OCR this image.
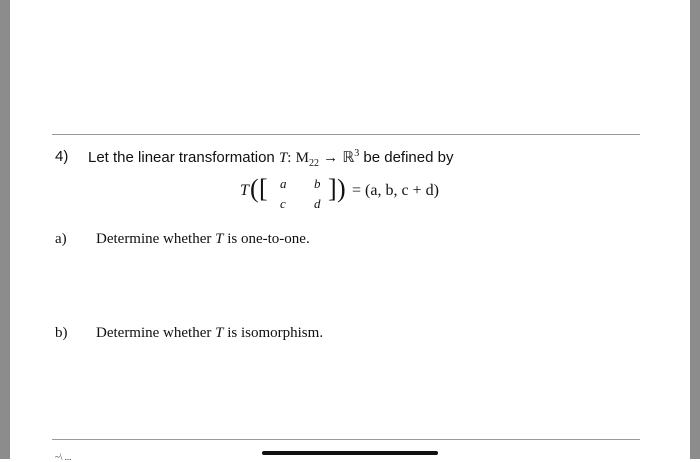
4) Let the linear transformation T: $M_{22}$ → ℝ$^3$ be defined by
T ( [ a b
c d
] ) = (a, b, c + d)
a) Determine whether T is one-to-one.
b) Determine whether T is isomorphism.
~\ ...
